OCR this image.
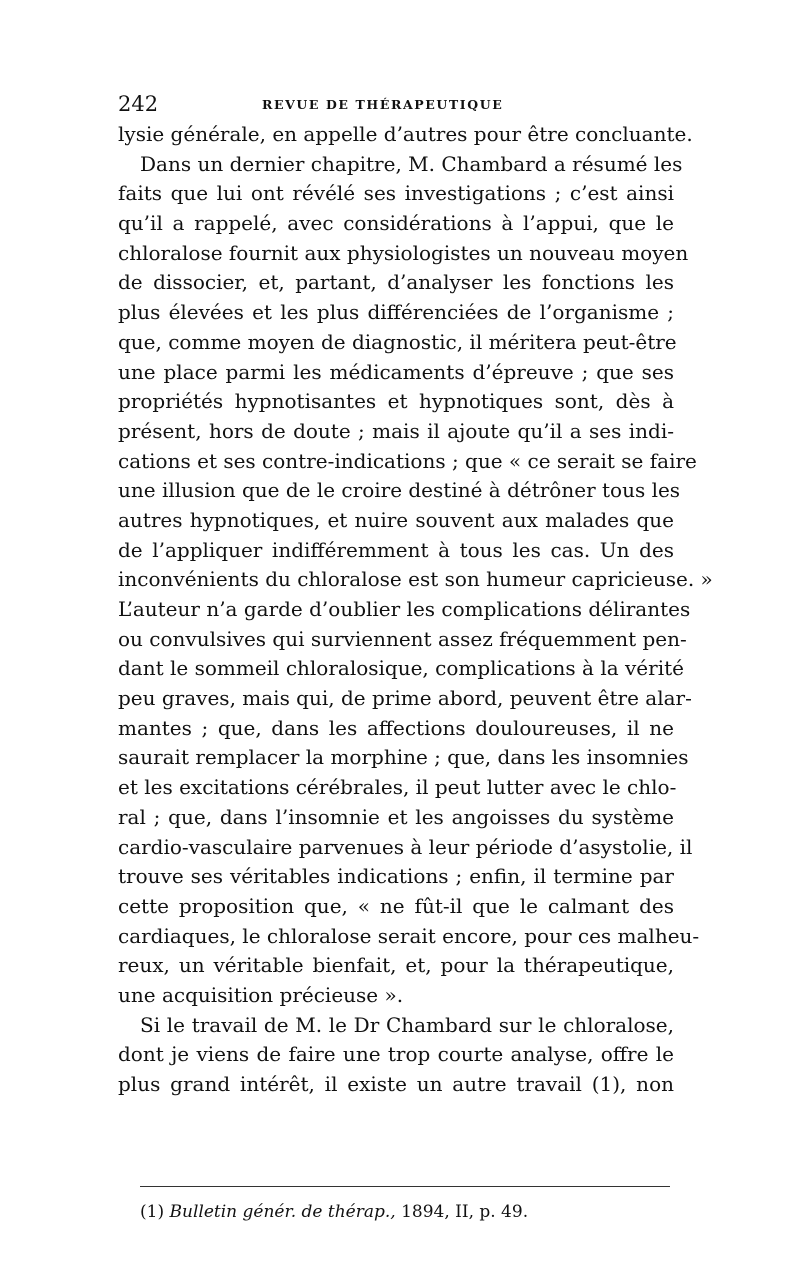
242	REVUE DE THÉRAPEUTIQUE
lysie générale, en appelle d’autres pour être concluante.
Dans un dernier chapitre, M. Chambard a résumé les
faits que lui ont révélé ses investigations ; c’est ainsi
qu’il a rappelé, avec considérations à l’appui, que le
chloralose fournit aux physiologistes un nouveau moyen
de dissocier, et, partant, d’analyser les fonctions les
plus élevées et les plus différenciées de l’organisme ;
que, comme moyen de diagnostic, il méritera peut-être
une place parmi les médicaments d’épreuve ; que ses
propriétés hypnotisantes et hypnotiques sont, dès à
présent, hors de doute ; mais il ajoute qu’il a ses indi-
cations et ses contre-indications ; que « ce serait se faire
une illusion que de le croire destiné à détrôner tous les
autres hypnotiques, et nuire souvent aux malades que
de l’appliquer indifféremment à tous les cas. Un des
inconvénients du chloralose est son humeur capricieuse. »
L’auteur n’a garde d’oublier les complications délirantes
ou convulsives qui surviennent assez fréquemment pen-
dant le sommeil chloralosique, complications à la vérité
peu graves, mais qui, de prime abord, peuvent être alar-
mantes ; que, dans les affections douloureuses, il ne
saurait remplacer la morphine ; que, dans les insomnies
et les excitations cérébrales, il peut lutter avec le chlo-
ral ; que, dans l’insomnie et les angoisses du système
cardio-vasculaire parvenues à leur période d’asystolie, il
trouve ses véritables indications ; enfin, il termine par
cette proposition que, « ne fût-il que le calmant des
cardiaques, le chloralose serait encore, pour ces malheu-
reux, un véritable bienfait, et, pour la thérapeutique,
une acquisition précieuse ».
Si le travail de M. le Dr Chambard sur le chloralose,
dont je viens de faire une trop courte analyse, offre le
plus grand intérêt, il existe un autre travail (1), non
(1) Bulletin génér. de thérap., 1894, II, p. 49.
